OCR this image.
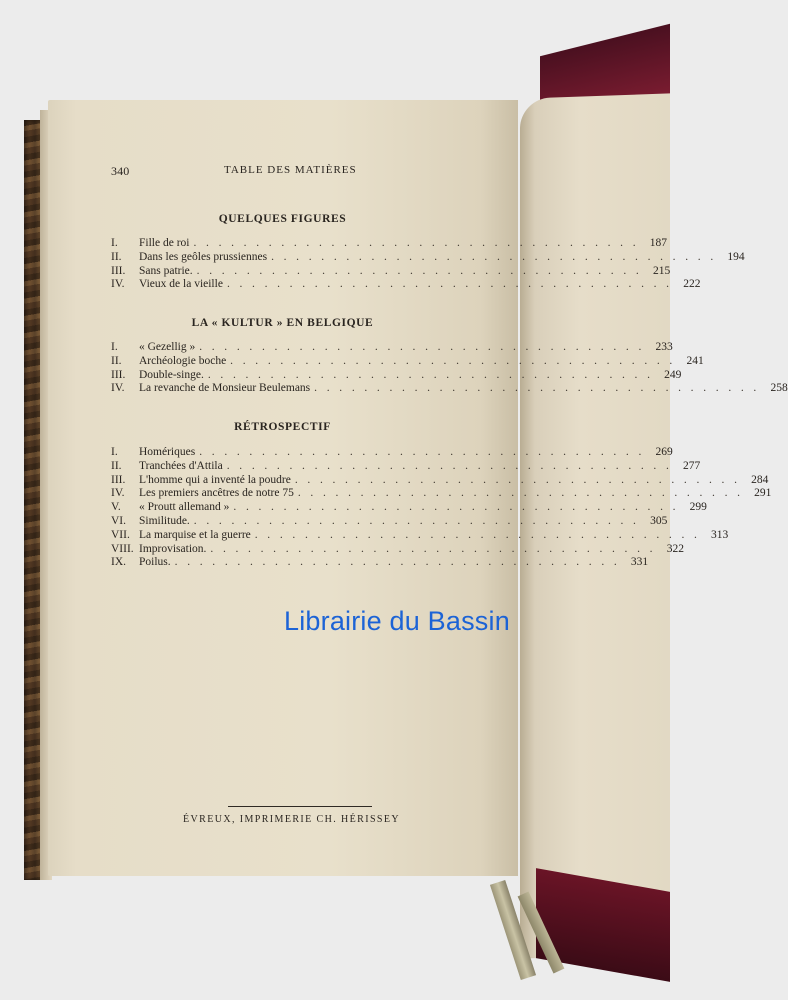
340	TABLE DES MATIÈRES
QUELQUES FIGURES
I.	Fille de roi . . . . . . . . . . . . . . . . . . . . . . . . . . . . . . . . . . . . 187
II.	Dans les geôles prussiennes . . . . . . . . . . . . . . . . . . . . . . . . . . . . . . . . . . . . 194
III.	Sans patrie. . . . . . . . . . . . . . . . . . . . . . . . . . . . . . . . . . . . . 215
IV.	Vieux de la vieille . . . . . . . . . . . . . . . . . . . . . . . . . . . . . . . . . . . . 222
LA « KULTUR » EN BELGIQUE
I.	« Gezellig » . . . . . . . . . . . . . . . . . . . . . . . . . . . . . . . . . . . . 233
II.	Archéologie boche . . . . . . . . . . . . . . . . . . . . . . . . . . . . . . . . . . . . 241
III.	Double-singe. . . . . . . . . . . . . . . . . . . . . . . . . . . . . . . . . . . . . 249
IV.	La revanche de Monsieur Beulemans . . . . . . . . . . . . . . . . . . . . . . . . . . . . . . . . . . . . 258
RÉTROSPECTIF
I.	Homériques . . . . . . . . . . . . . . . . . . . . . . . . . . . . . . . . . . . . 269
II.	Tranchées d'Attila . . . . . . . . . . . . . . . . . . . . . . . . . . . . . . . . . . . . 277
III.	L'homme qui a inventé la poudre . . . . . . . . . . . . . . . . . . . . . . . . . . . . . . . . . . . . 284
IV.	Les premiers ancêtres de notre 75 . . . . . . . . . . . . . . . . . . . . . . . . . . . . . . . . . . . . 291
V.	« Proutt allemand » . . . . . . . . . . . . . . . . . . . . . . . . . . . . . . . . . . . . 299
VI.	Similitude. . . . . . . . . . . . . . . . . . . . . . . . . . . . . . . . . . . . . 305
VII. La marquise et la guerre . . . . . . . . . . . . . . . . . . . . . . . . . . . . . . . . . . . . 313
VIII. Improvisation. . . . . . . . . . . . . . . . . . . . . . . . . . . . . . . . . . . . . 322
IX.	Poilus. . . . . . . . . . . . . . . . . . . . . . . . . . . . . . . . . . . . . 331
Librairie du Bassin
ÉVREUX, IMPRIMERIE CH. HÉRISSEY
